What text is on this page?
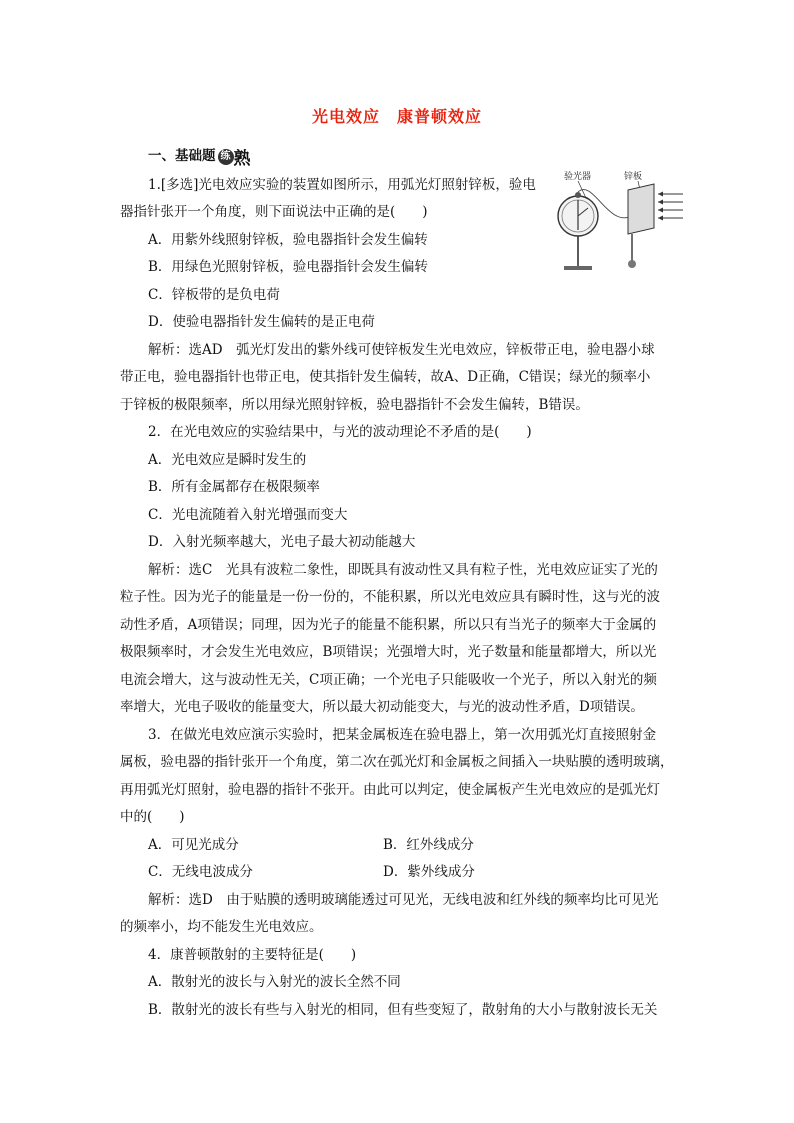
光电效应　康普顿效应
一、基础题 练 熟
验光器	锌板
1.[多选]光电效应实验的装置如图所示，用弧光灯照射锌板，验电
器指针张开一个角度，则下面说法中正确的是(　　)
A．用紫外线照射锌板，验电器指针会发生偏转
B．用绿色光照射锌板，验电器指针会发生偏转
C．锌板带的是负电荷
D．使验电器指针发生偏转的是正电荷
解析：选AD　弧光灯发出的紫外线可使锌板发生光电效应，锌板带正电，验电器小球
带正电，验电器指针也带正电，使其指针发生偏转，故A、D正确，C错误；绿光的频率小
于锌板的极限频率，所以用绿光照射锌板，验电器指针不会发生偏转，B错误。
2．在光电效应的实验结果中，与光的波动理论不矛盾的是(　　)
A．光电效应是瞬时发生的
B．所有金属都存在极限频率
C．光电流随着入射光增强而变大
D．入射光频率越大，光电子最大初动能越大
解析：选C　光具有波粒二象性，即既具有波动性又具有粒子性，光电效应证实了光的
粒子性。因为光子的能量是一份一份的，不能积累，所以光电效应具有瞬时性，这与光的波
动性矛盾，A项错误；同理，因为光子的能量不能积累，所以只有当光子的频率大于金属的
极限频率时，才会发生光电效应，B项错误；光强增大时，光子数量和能量都增大，所以光
电流会增大，这与波动性无关，C项正确；一个光电子只能吸收一个光子，所以入射光的频
率增大，光电子吸收的能量变大，所以最大初动能变大，与光的波动性矛盾，D项错误。
3．在做光电效应演示实验时，把某金属板连在验电器上，第一次用弧光灯直接照射金
属板，验电器的指针张开一个角度，第二次在弧光灯和金属板之间插入一块贴膜的透明玻璃，
再用弧光灯照射，验电器的指针不张开。由此可以判定，使金属板产生光电效应的是弧光灯
中的(　　)
A．可见光成分	B．红外线成分
C．无线电波成分	D．紫外线成分
解析：选D　由于贴膜的透明玻璃能透过可见光，无线电波和红外线的频率均比可见光
的频率小，均不能发生光电效应。
4．康普顿散射的主要特征是(　　)
A．散射光的波长与入射光的波长全然不同
B．散射光的波长有些与入射光的相同，但有些变短了，散射角的大小与散射波长无关
